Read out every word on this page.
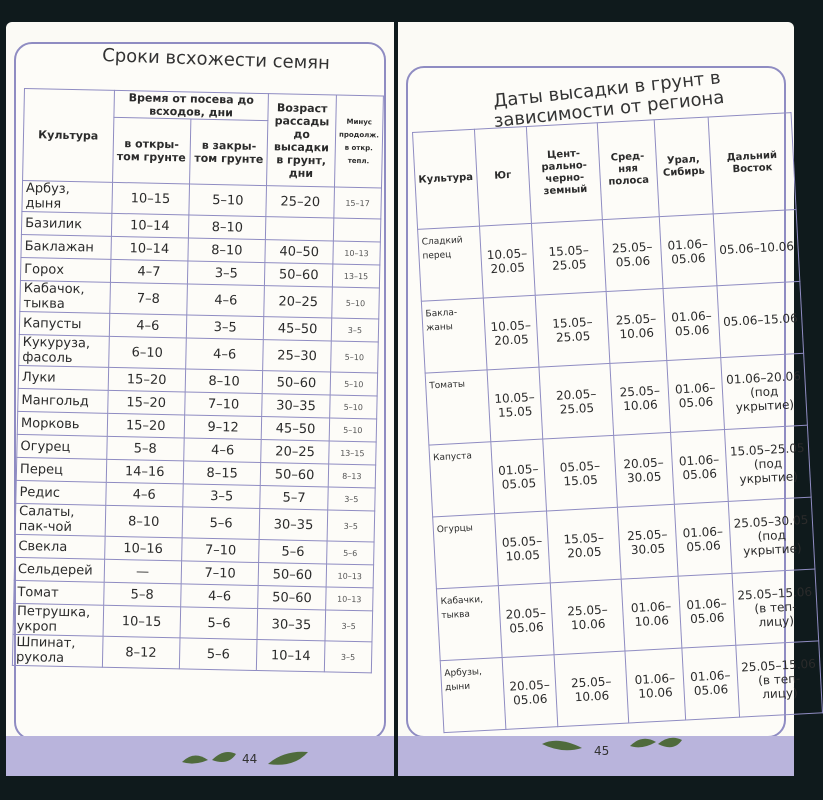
Сроки всхожести семян
Культура	Время от посева до всходов, дни		Возраст рассады до высадки в грунт, дни	Минус продолж. в откр. тепл.
	в откры-том грунте	в закры-том грунте		
Арбуз, дыня	10–15	5–10	25–20	15–17
Базилик	10–14	8–10		
Баклажан	10–14	8–10	40–50	10–13
Горох	4–7	3–5	50–60	13–15
Кабачок, тыква	7–8	4–6	20–25	5–10
Капусты	4–6	3–5	45–50	3–5
Кукуруза, фасоль	6–10	4–6	25–30	5–10
Луки	15–20	8–10	50–60	5–10
Мангольд	15–20	7–10	30–35	5–10
Морковь	15–20	9–12	45–50	5–10
Огурец	5–8	4–6	20–25	13–15
Перец	14–16	8–15	50–60	8–13
Редис	4–6	3–5	5–7	3–5
Салаты, пак-чой	8–10	5–6	30–35	3–5
Свекла	10–16	7–10	5–6	5–6
Сельдерей	—	7–10	50–60	10–13
Томат	5–8	4–6	50–60	10–13
Петрушка, укроп	10–15	5–6	30–35	3–5
Шпинат, рукола	8–12	5–6	10–14	3–5
44
Даты высадки в грунт в зависимости от региона
Культура	Юг	Цент-рально-черно-земный	Сред-няя полоса	Урал, Сибирь	Дальний Восток
Сладкий перец	10.05–20.05	15.05–25.05	25.05–05.06	01.06–05.06	05.06–10.06
Бакла-жаны	10.05–20.05	15.05–25.05	25.05–10.06	01.06–05.06	05.06–15.06
Томаты	10.05–15.05	20.05–25.05	25.05–10.06	01.06–05.06	01.06–20.06 (под укрытие)
Капуста	01.05–05.05	05.05–15.05	20.05–30.05	01.06–05.06	15.05–25.05 (под укрытие)
Огурцы	05.05–10.05	15.05–20.05	25.05–30.05	01.06–05.06	25.05–30.05 (под укрытие)
Кабачки, тыква	20.05–05.06	25.05–10.06	01.06–10.06	01.06–05.06	25.05–15.06 (в теп-лицу)
Арбузы, дыни	20.05–05.06	25.05–10.06	01.06–10.06	01.06–05.06	25.05–15.06 (в теп-лицу)
45
